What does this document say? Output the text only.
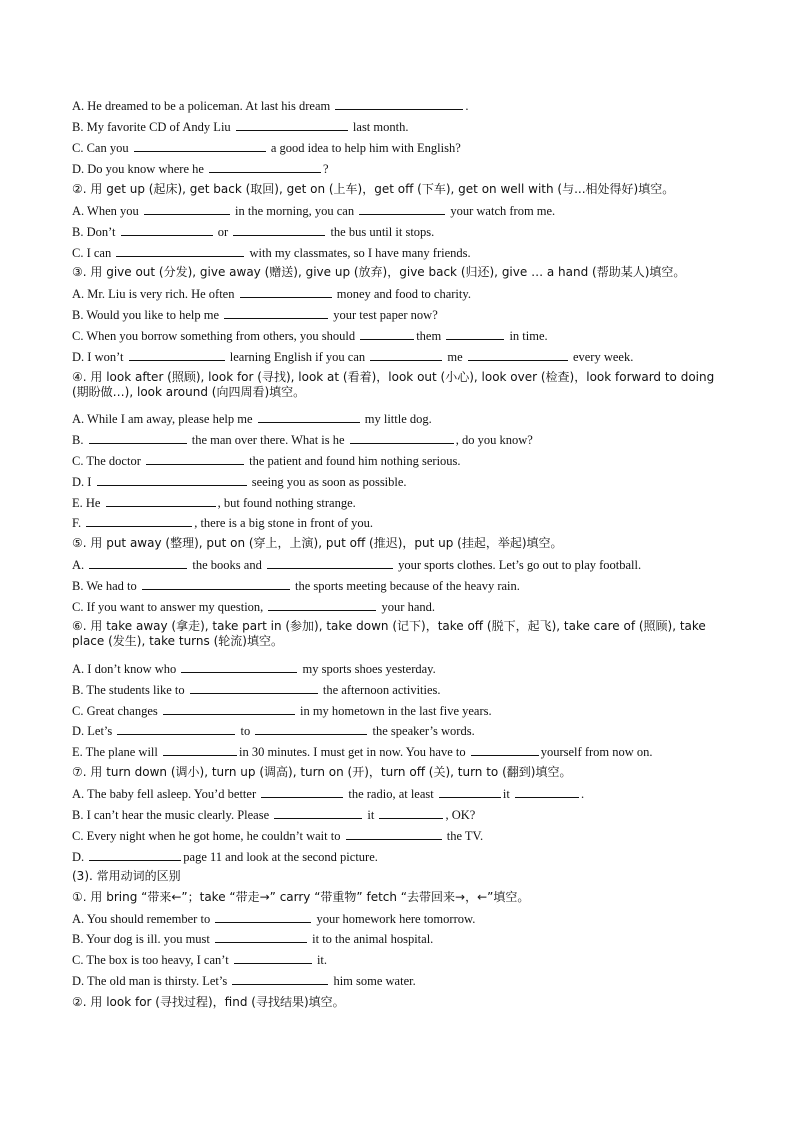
A. He dreamed to be a policeman. At last his dream	.
B. My favorite CD of Andy Liu	last month.
C. Can you	a good idea to help him with English?
D. Do you know where he	?
②. 用 get up (起床), get back (取回), get on (上车)，get off (下车), get on well with (与...相处得好)填空。
A. When you	in the morning, you can	your watch from me.
B. Don’t	or	the bus until it stops.
C. I can	with my classmates, so I have many friends.
③. 用 give out (分发), give away (赠送), give up (放弃)，give back (归还), give … a hand (帮助某人)填空。
A. Mr. Liu is very rich. He often	money and food to charity.
B. Would you like to help me	your test paper now?
C. When you borrow something from others, you should	them	in time.
D. I won’t	learning English if you can	me	every week.
④. 用 look after (照顾), look for (寻找), look at (看着)，look out (小心), look over (检查)，look forward to doing (期盼做…), look around (向四周看)填空。
A. While I am away, please help me	my little dog.
B.	the man over there. What is he	, do you know?
C. The doctor	the patient and found him nothing serious.
D. I	seeing you as soon as possible.
E. He	, but found nothing strange.
F.	, there is a big stone in front of you.
⑤. 用 put away (整理), put on (穿上，上演), put off (推迟)，put up (挂起，举起)填空。
A.	the books and	your sports clothes. Let’s go out to play football.
B. We had to	the sports meeting because of the heavy rain.
C. If you want to answer my question,	your hand.
⑥. 用 take away (拿走), take part in (参加), take down (记下)，take off (脱下，起飞), take care of (照顾), take place (发生), take turns (轮流)填空。
A. I don’t know who	my sports shoes yesterday.
B. The students like to	the afternoon activities.
C. Great changes	in my hometown in the last five years.
D. Let’s	to	the speaker’s words.
E. The plane will	in 30 minutes. I must get in now. You have to	yourself from now on.
⑦. 用 turn down (调小), turn up (调高), turn on (开)，turn off (关), turn to (翻到)填空。
A. The baby fell asleep. You’d better	the radio, at least	it	.
B. I can’t hear the music clearly. Please	it	, OK?
C. Every night when he got home, he couldn’t wait to	the TV.
D.	page 11 and look at the second picture.
(3). 常用动词的区别
①. 用 bring “带来←”；take “带走→” carry “带重物” fetch “去带回来→，←”填空。
A. You should remember to	your homework here tomorrow.
B. Your dog is ill. you must	it to the animal hospital.
C. The box is too heavy, I can’t	it.
D. The old man is thirsty. Let’s	him some water.
②. 用 look for (寻找过程)，find (寻找结果)填空。
